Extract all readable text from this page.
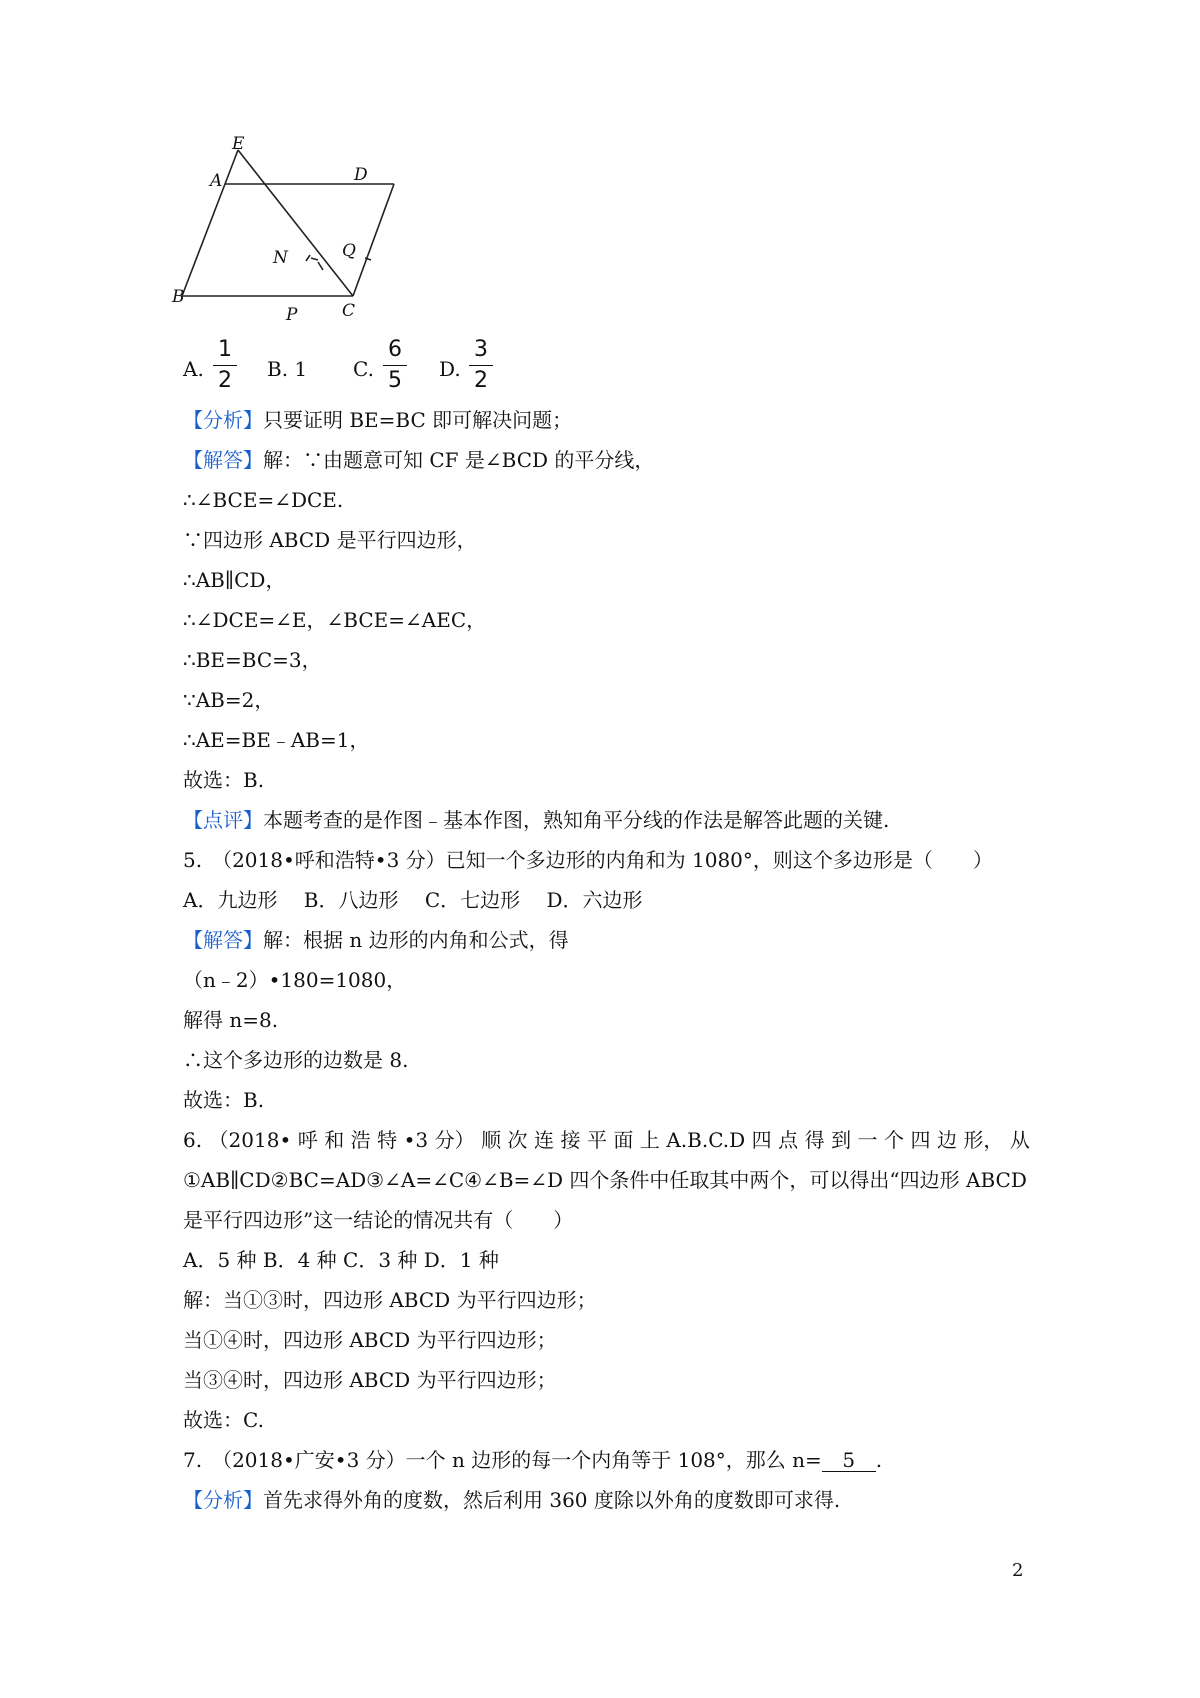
E
A	D
N	Q
B
P	C
A.
1
2 B. 1 C.
6
5 D.
3
2
【分析】只要证明 BE=BC 即可解决问题；
【解答】解：∵由题意可知 CF 是∠BCD 的平分线，
∴∠BCE=∠DCE.
∵四边形 ABCD 是平行四边形，
∴AB∥CD，
∴∠DCE=∠E，∠BCE=∠AEC，
∴BE=BC=3，
∵AB=2，
∴AE=BE﹣AB=1，
故选：B.
【点评】本题考查的是作图﹣基本作图，熟知角平分线的作法是解答此题的关键.
5.　（2018•呼和浩特•3 分）已知一个多边形的内角和为 1080°，则这个多边形是（　　）
A．九边形　 B．八边形　 C．七边形　 D．六边形
【解答】解：根据 n 边形的内角和公式，得
（n﹣2）•180=1080，
解得 n=8.
∴这个多边形的边数是 8.
故选：B.
6. （2018• 呼 和 浩 特 •3 分） 顺 次 连 接 平 面 上 A.B.C.D 四 点 得 到 一 个 四 边 形， 从
①AB∥CD②BC=AD③∠A=∠C④∠B=∠D 四个条件中任取其中两个，可以得出“四边形 ABCD
是平行四边形”这一结论的情况共有（　　）
A．5 种 B．4 种 C．3 种 D．1 种
解：当①③时，四边形 ABCD 为平行四边形；
当①④时，四边形 ABCD 为平行四边形；
当③④时，四边形 ABCD 为平行四边形；
故选：C.
7.　（2018•广安•3 分）一个 n 边形的每一个内角等于 108°，那么 n= 5 .
【分析】首先求得外角的度数，然后利用 360 度除以外角的度数即可求得.
2
